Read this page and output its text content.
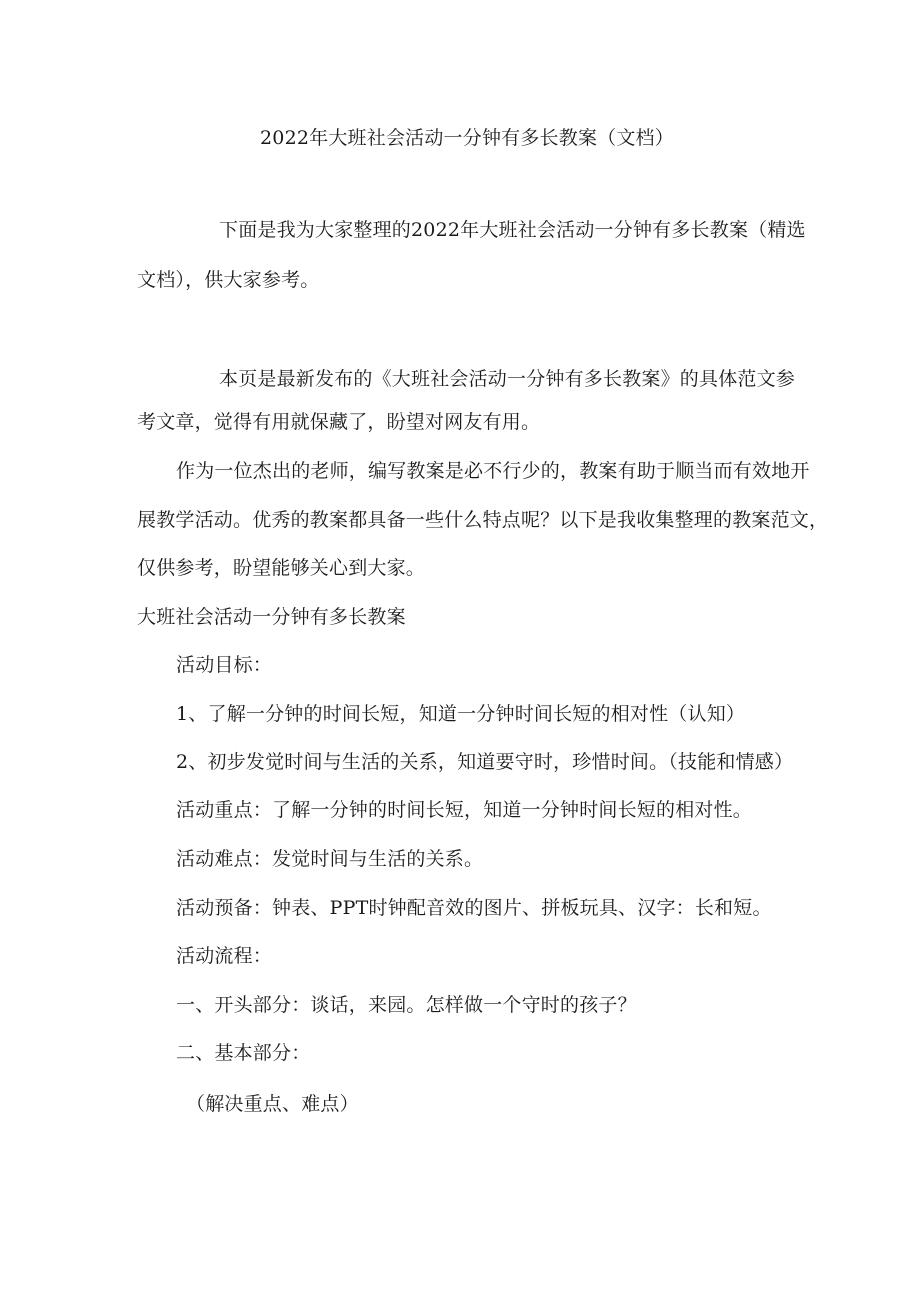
2022年大班社会活动一分钟有多长教案（文档）

下面是我为大家整理的2022年大班社会活动一分钟有多长教案（精选

文档），供大家参考。

本页是最新发布的《大班社会活动一分钟有多长教案》的具体范文参

考文章，觉得有用就保藏了，盼望对网友有用。

作为一位杰出的老师，编写教案是必不行少的，教案有助于顺当而有效地开

展教学活动。优秀的教案都具备一些什么特点呢？以下是我收集整理的教案范文，

仅供参考，盼望能够关心到大家。

大班社会活动一分钟有多长教案

活动目标：

1、了解一分钟的时间长短，知道一分钟时间长短的相对性（认知）

2、初步发觉时间与生活的关系，知道要守时，珍惜时间。（技能和情感）

活动重点：了解一分钟的时间长短，知道一分钟时间长短的相对性。

活动难点：发觉时间与生活的关系。

活动预备：钟表、PPT时钟配音效的图片、拼板玩具、汉字：长和短。

活动流程：

一、开头部分：谈话，来园。怎样做一个守时的孩子？

二、基本部分：

（解决重点、难点）
